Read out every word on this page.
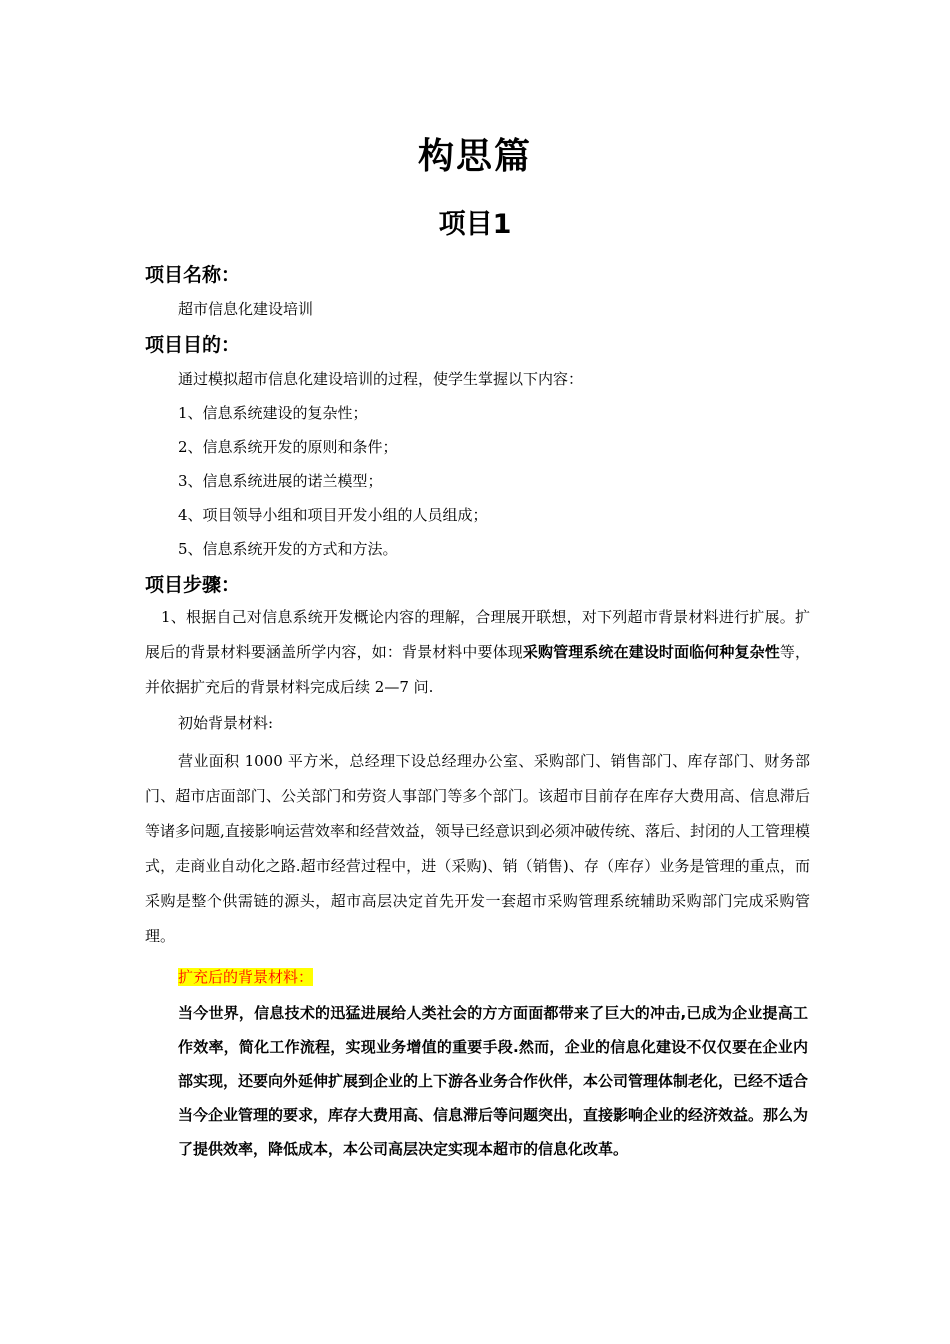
构思篇
项目1
项目名称：
超市信息化建设培训
项目目的：
通过模拟超市信息化建设培训的过程，使学生掌握以下内容：
1、信息系统建设的复杂性；
2、信息系统开发的原则和条件；
3、信息系统进展的诺兰模型；
4、项目领导小组和项目开发小组的人员组成；
5、信息系统开发的方式和方法。
项目步骤：
1、根据自己对信息系统开发概论内容的理解，合理展开联想，对下列超市背景材料进行扩展。扩展后的背景材料要涵盖所学内容，如：背景材料中要体现采购管理系统在建设时面临何种复杂性等，并依据扩充后的背景材料完成后续 2—7 问.
初始背景材料:
营业面积 1000 平方米，总经理下设总经理办公室、采购部门、销售部门、库存部门、财务部门、超市店面部门、公关部门和劳资人事部门等多个部门。该超市目前存在库存大费用高、信息滞后等诸多问题,直接影响运营效率和经营效益，领导已经意识到必须冲破传统、落后、封闭的人工管理模式，走商业自动化之路.超市经营过程中，进（采购)、销（销售)、存（库存）业务是管理的重点，而采购是整个供需链的源头，超市高层决定首先开发一套超市采购管理系统辅助采购部门完成采购管理。
扩充后的背景材料：
当今世界，信息技术的迅猛进展给人类社会的方方面面都带来了巨大的冲击,已成为企业提高工作效率，简化工作流程，实现业务增值的重要手段.然而，企业的信息化建设不仅仅要在企业内部实现，还要向外延伸扩展到企业的上下游各业务合作伙伴，本公司管理体制老化，已经不适合当今企业管理的要求，库存大费用高、信息滞后等问题突出，直接影响企业的经济效益。那么为了提供效率，降低成本，本公司高层决定实现本超市的信息化改革。
